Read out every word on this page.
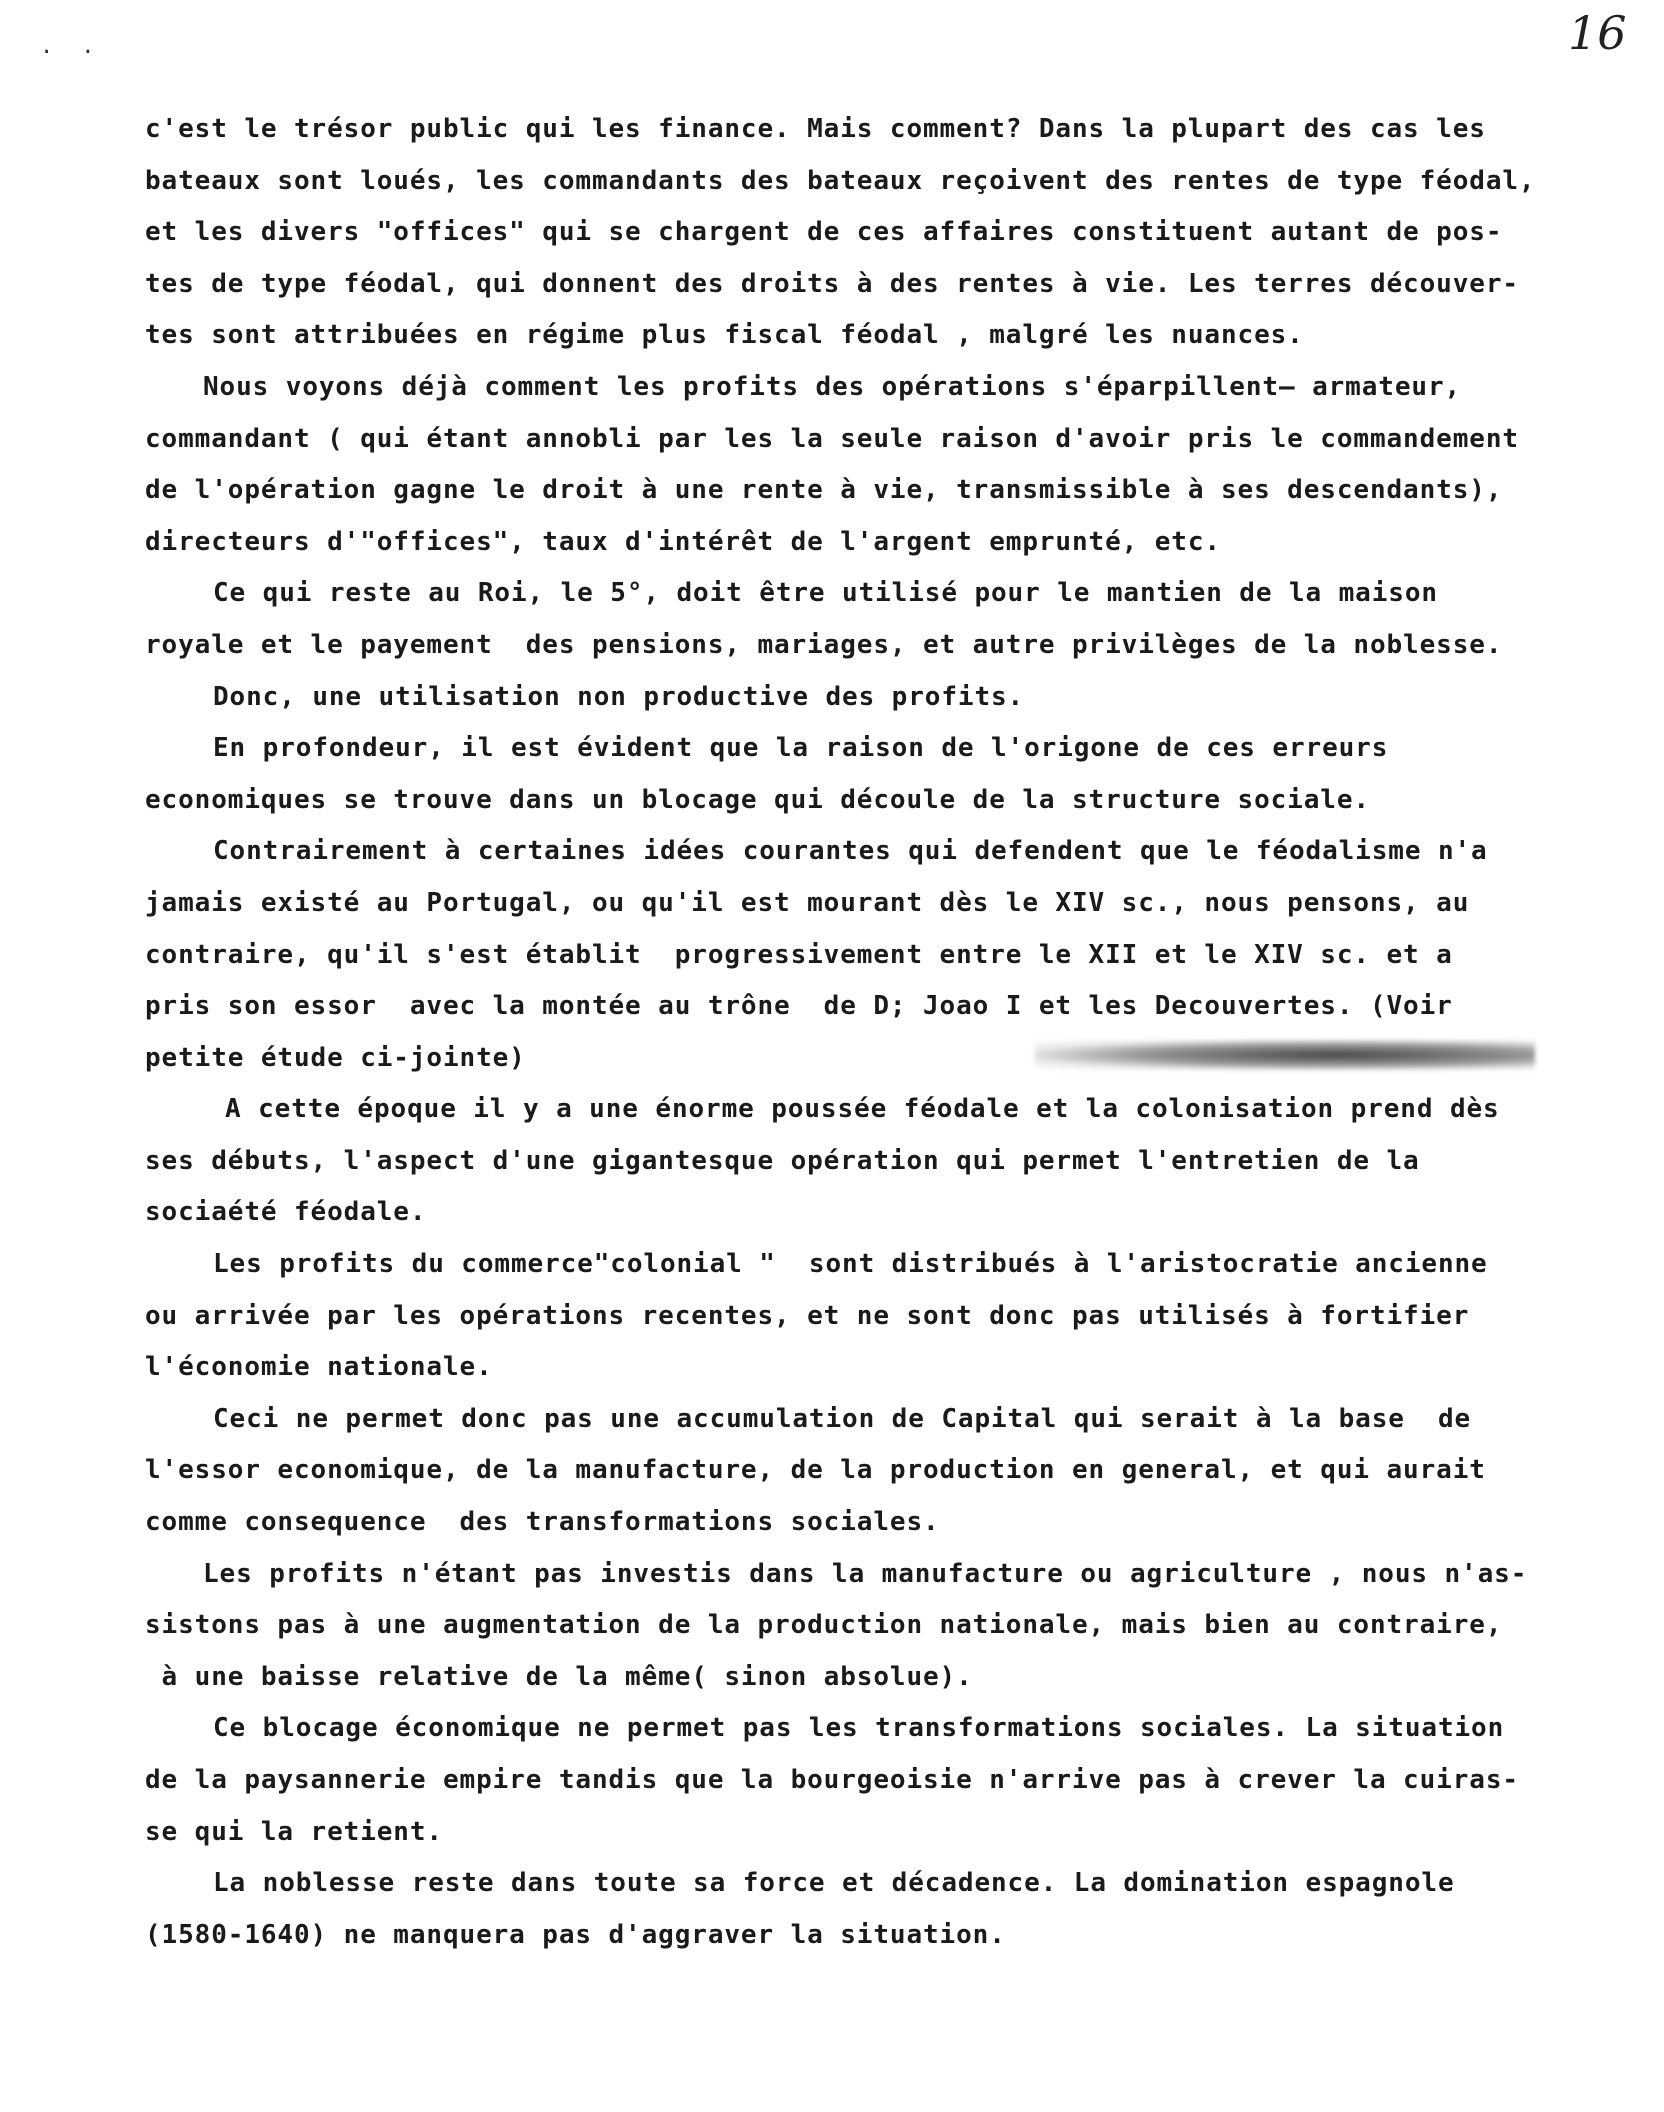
··	16
c'est le trésor public qui les finance. Mais comment? Dans la plupart des cas les
bateaux sont loués, les commandants des bateaux reçoivent des rentes de type féodal,
et les divers "offices" qui se chargent de ces affaires constituent autant de pos-
tes de type féodal, qui donnent des droits à des rentes à vie. Les terres découver-
tes sont attribuées en régime plus fiscal féodal , malgré les nuances.
Nous voyons déjà comment les profits des opérations s'éparpillent— armateur,
commandant ( qui étant annobli par les la seule raison d'avoir pris le commandement
de l'opération gagne le droit à une rente à vie, transmissible à ses descendants),
directeurs d'"offices", taux d'intérêt de l'argent emprunté, etc.
Ce qui reste au Roi, le 5°, doit être utilisé pour le mantien de la maison
royale et le payement  des pensions, mariages, et autre privilèges de la noblesse.
Donc, une utilisation non productive des profits.
En profondeur, il est évident que la raison de l'origone de ces erreurs
economiques se trouve dans un blocage qui découle de la structure sociale.
Contrairement à certaines idées courantes qui defendent que le féodalisme n'a
jamais existé au Portugal, ou qu'il est mourant dès le XIV sc., nous pensons, au
contraire, qu'il s'est établit  progressivement entre le XII et le XIV sc. et a
pris son essor  avec la montée au trône  de D; Joao I et les Decouvertes. (Voir
petite étude ci-jointe)
A cette époque il y a une énorme poussée féodale et la colonisation prend dès
ses débuts, l'aspect d'une gigantesque opération qui permet l'entretien de la
sociaété féodale.
Les profits du commerce"colonial "  sont distribués à l'aristocratie ancienne
ou arrivée par les opérations recentes, et ne sont donc pas utilisés à fortifier
l'économie nationale.
Ceci ne permet donc pas une accumulation de Capital qui serait à la base  de
l'essor economique, de la manufacture, de la production en general, et qui aurait
comme consequence  des transformations sociales.
Les profits n'étant pas investis dans la manufacture ou agriculture , nous n'as-
sistons pas à une augmentation de la production nationale, mais bien au contraire,
à une baisse relative de la même( sinon absolue).
Ce blocage économique ne permet pas les transformations sociales. La situation
de la paysannerie empire tandis que la bourgeoisie n'arrive pas à crever la cuiras-
se qui la retient.
La noblesse reste dans toute sa force et décadence. La domination espagnole
(1580-1640) ne manquera pas d'aggraver la situation.
